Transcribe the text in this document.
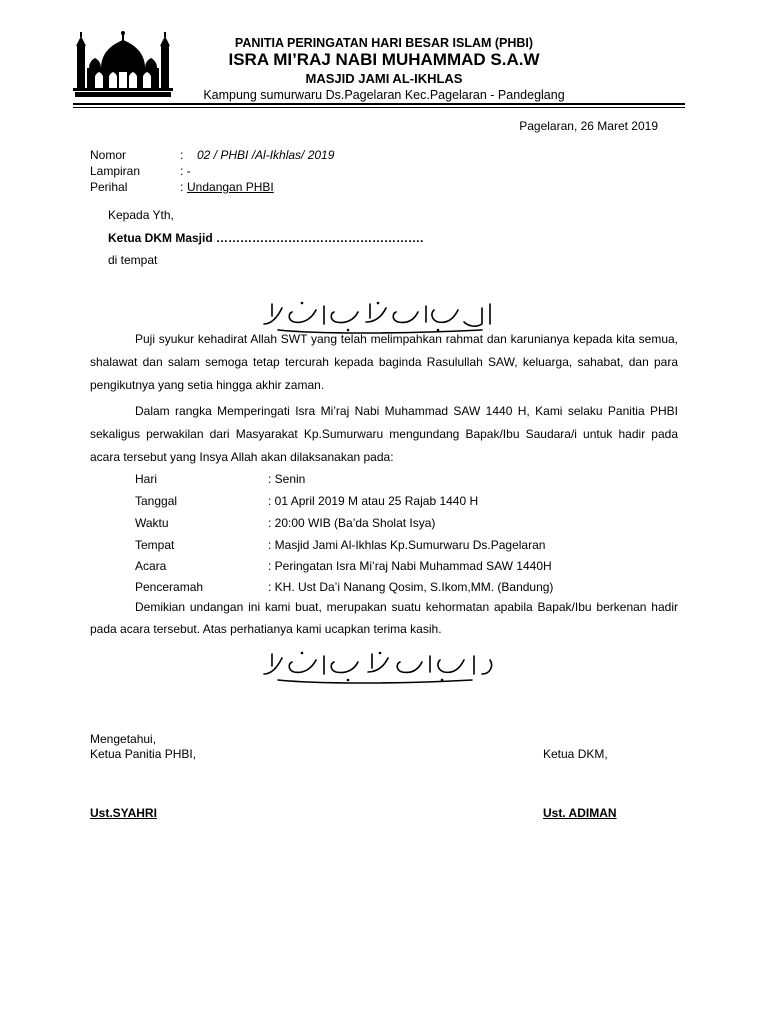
PANITIA PERINGATAN HARI BESAR ISLAM (PHBI)
ISRA MI’RAJ NABI MUHAMMAD S.A.W
MASJID JAMI AL-IKHLAS
Kampung sumurwaru Ds.Pagelaran Kec.Pagelaran - Pandeglang
Pagelaran, 26 Maret 2019
Nomor	: 02 / PHBI /Al-Ikhlas/ 2019
Lampiran	: -
Perihal	: Undangan PHBI
Kepada Yth,
Ketua DKM Masjid …………………………………………….
di tempat
Puji syukur kehadirat Allah SWT yang telah melimpahkan rahmat dan karunianya kepada kita semua, shalawat dan salam semoga tetap tercurah kepada baginda Rasulullah SAW, keluarga, sahabat, dan para pengikutnya yang setia hingga akhir zaman.
Dalam rangka Memperingati Isra Mi’raj Nabi Muhammad SAW 1440 H, Kami selaku Panitia PHBI sekaligus perwakilan dari Masyarakat Kp.Sumurwaru mengundang Bapak/Ibu Saudara/i untuk hadir pada acara tersebut yang Insya Allah akan dilaksanakan pada:
Hari	: Senin
Tanggal	: 01 April 2019 M atau 25 Rajab 1440 H
Waktu	: 20:00 WIB (Ba’da Sholat Isya)
Tempat	: Masjid Jami Al-Ikhlas Kp.Sumurwaru Ds.Pagelaran
Acara	: Peringatan Isra Mi’raj Nabi Muhammad SAW 1440H
Penceramah	: KH. Ust Da’i Nanang Qosim, S.Ikom,MM. (Bandung)
Demikian undangan ini kami buat, merupakan suatu kehormatan apabila Bapak/Ibu berkenan hadir pada acara tersebut. Atas perhatianya kami ucapkan terima kasih.
Mengetahui,
Ketua Panitia PHBI,	Ketua DKM,
Ust.SYAHRI	Ust. ADIMAN
